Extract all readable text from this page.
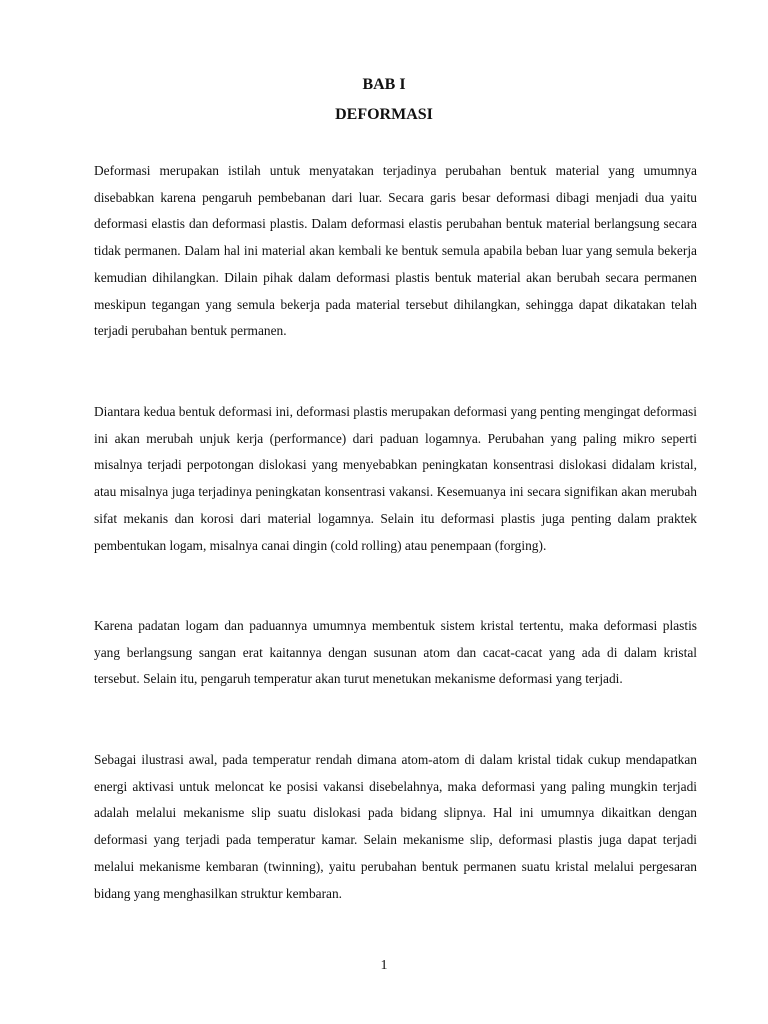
BAB I
DEFORMASI

Deformasi merupakan istilah untuk menyatakan terjadinya perubahan bentuk material yang umumnya disebabkan karena pengaruh pembebanan dari luar. Secara garis besar deformasi dibagi menjadi dua yaitu deformasi elastis dan deformasi plastis. Dalam deformasi elastis perubahan bentuk material berlangsung secara tidak permanen. Dalam hal ini material akan kembali ke bentuk semula apabila beban luar yang semula bekerja kemudian dihilangkan. Dilain pihak dalam deformasi plastis bentuk material akan berubah secara permanen meskipun tegangan yang semula bekerja pada material tersebut dihilangkan, sehingga dapat dikatakan telah terjadi perubahan bentuk permanen.

Diantara kedua bentuk deformasi ini, deformasi plastis merupakan deformasi yang penting mengingat deformasi ini akan merubah unjuk kerja (performance) dari paduan logamnya. Perubahan yang paling mikro seperti misalnya terjadi perpotongan dislokasi yang menyebabkan peningkatan konsentrasi dislokasi didalam kristal, atau misalnya juga terjadinya peningkatan konsentrasi vakansi. Kesemuanya ini secara signifikan akan merubah sifat mekanis dan korosi dari material logamnya. Selain itu deformasi plastis juga penting dalam praktek pembentukan logam, misalnya canai dingin (cold rolling) atau penempaan (forging).

Karena padatan logam dan paduannya umumnya membentuk sistem kristal tertentu, maka deformasi plastis yang berlangsung sangan erat kaitannya dengan susunan atom dan cacat-cacat yang ada di dalam kristal tersebut. Selain itu, pengaruh temperatur akan turut menetukan mekanisme deformasi yang terjadi.

Sebagai ilustrasi awal, pada temperatur rendah dimana atom-atom di dalam kristal tidak cukup mendapatkan energi aktivasi untuk meloncat ke posisi vakansi disebelahnya, maka deformasi yang paling mungkin terjadi adalah melalui mekanisme slip suatu dislokasi pada bidang slipnya. Hal ini umumnya dikaitkan dengan deformasi yang terjadi pada temperatur kamar. Selain mekanisme slip, deformasi plastis juga dapat terjadi melalui mekanisme kembaran (twinning), yaitu perubahan bentuk permanen suatu kristal melalui pergesaran bidang yang menghasilkan struktur kembaran.

1
